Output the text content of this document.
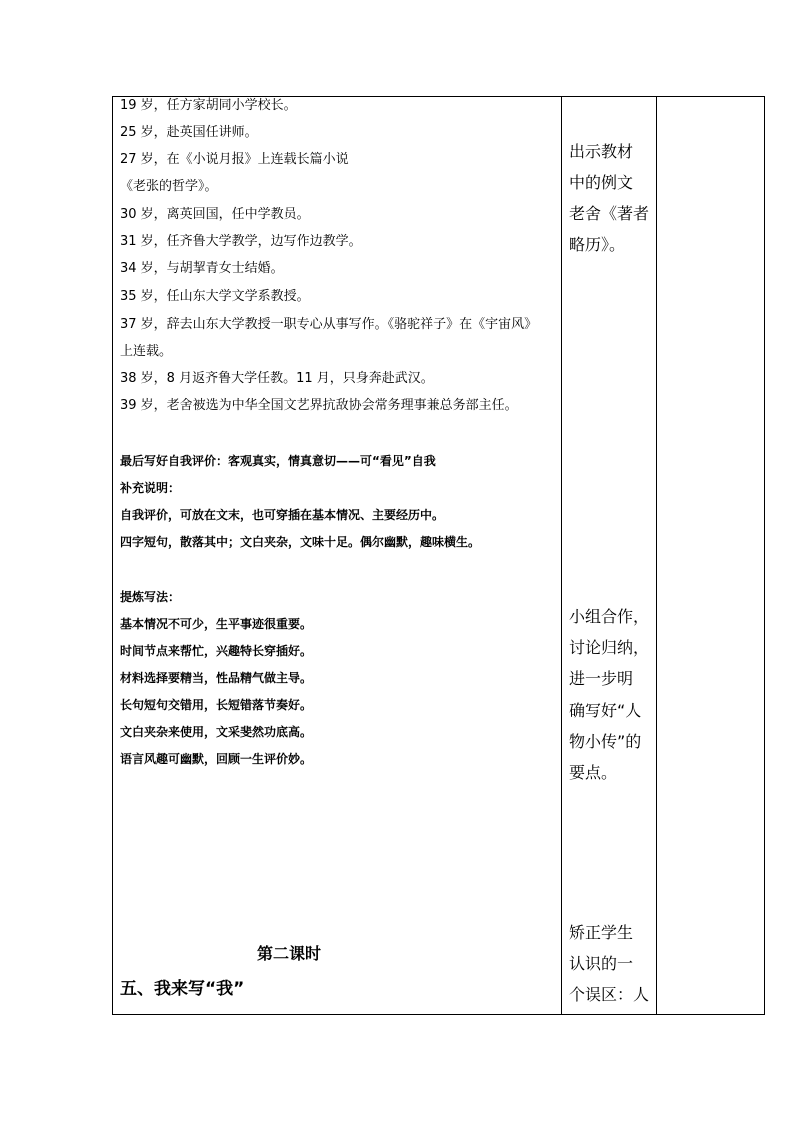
19 岁，任方家胡同小学校长。
25 岁，赴英国任讲师。
27 岁，在《小说月报》上连载长篇小说
《老张的哲学》。
30 岁，离英回国，任中学教员。
31 岁，任齐鲁大学教学，边写作边教学。
34 岁，与胡挈青女士结婚。
35 岁，任山东大学文学系教授。
37 岁，辞去山东大学教授一职专心从事写作。《骆驼祥子》在《宇宙风》
上连载。
38 岁，8 月返齐鲁大学任教。11 月，只身奔赴武汉。
39 岁，老舍被选为中华全国文艺界抗敌协会常务理事兼总务部主任。
最后写好自我评价：客观真实，情真意切——可“看见”自我
补充说明：
自我评价，可放在文末，也可穿插在基本情况、主要经历中。
四字短句，散落其中；文白夹杂，文味十足。偶尔幽默，趣味横生。
提炼写法：
基本情况不可少，生平事迹很重要。
时间节点来帮忙，兴趣特长穿插好。
材料选择要精当，性品精气做主导。
长句短句交错用，长短错落节奏好。
文白夹杂来使用，文采斐然功底高。
语言风趣可幽默，回顾一生评价妙。
第二课时
五、我来写“我”
出示教材
中的例文
老舍《著者
略历》。
小组合作，
讨论归纳，
进一步明
确写好“人
物小传”的
要点。
矫正学生
认识的一
个误区：人
